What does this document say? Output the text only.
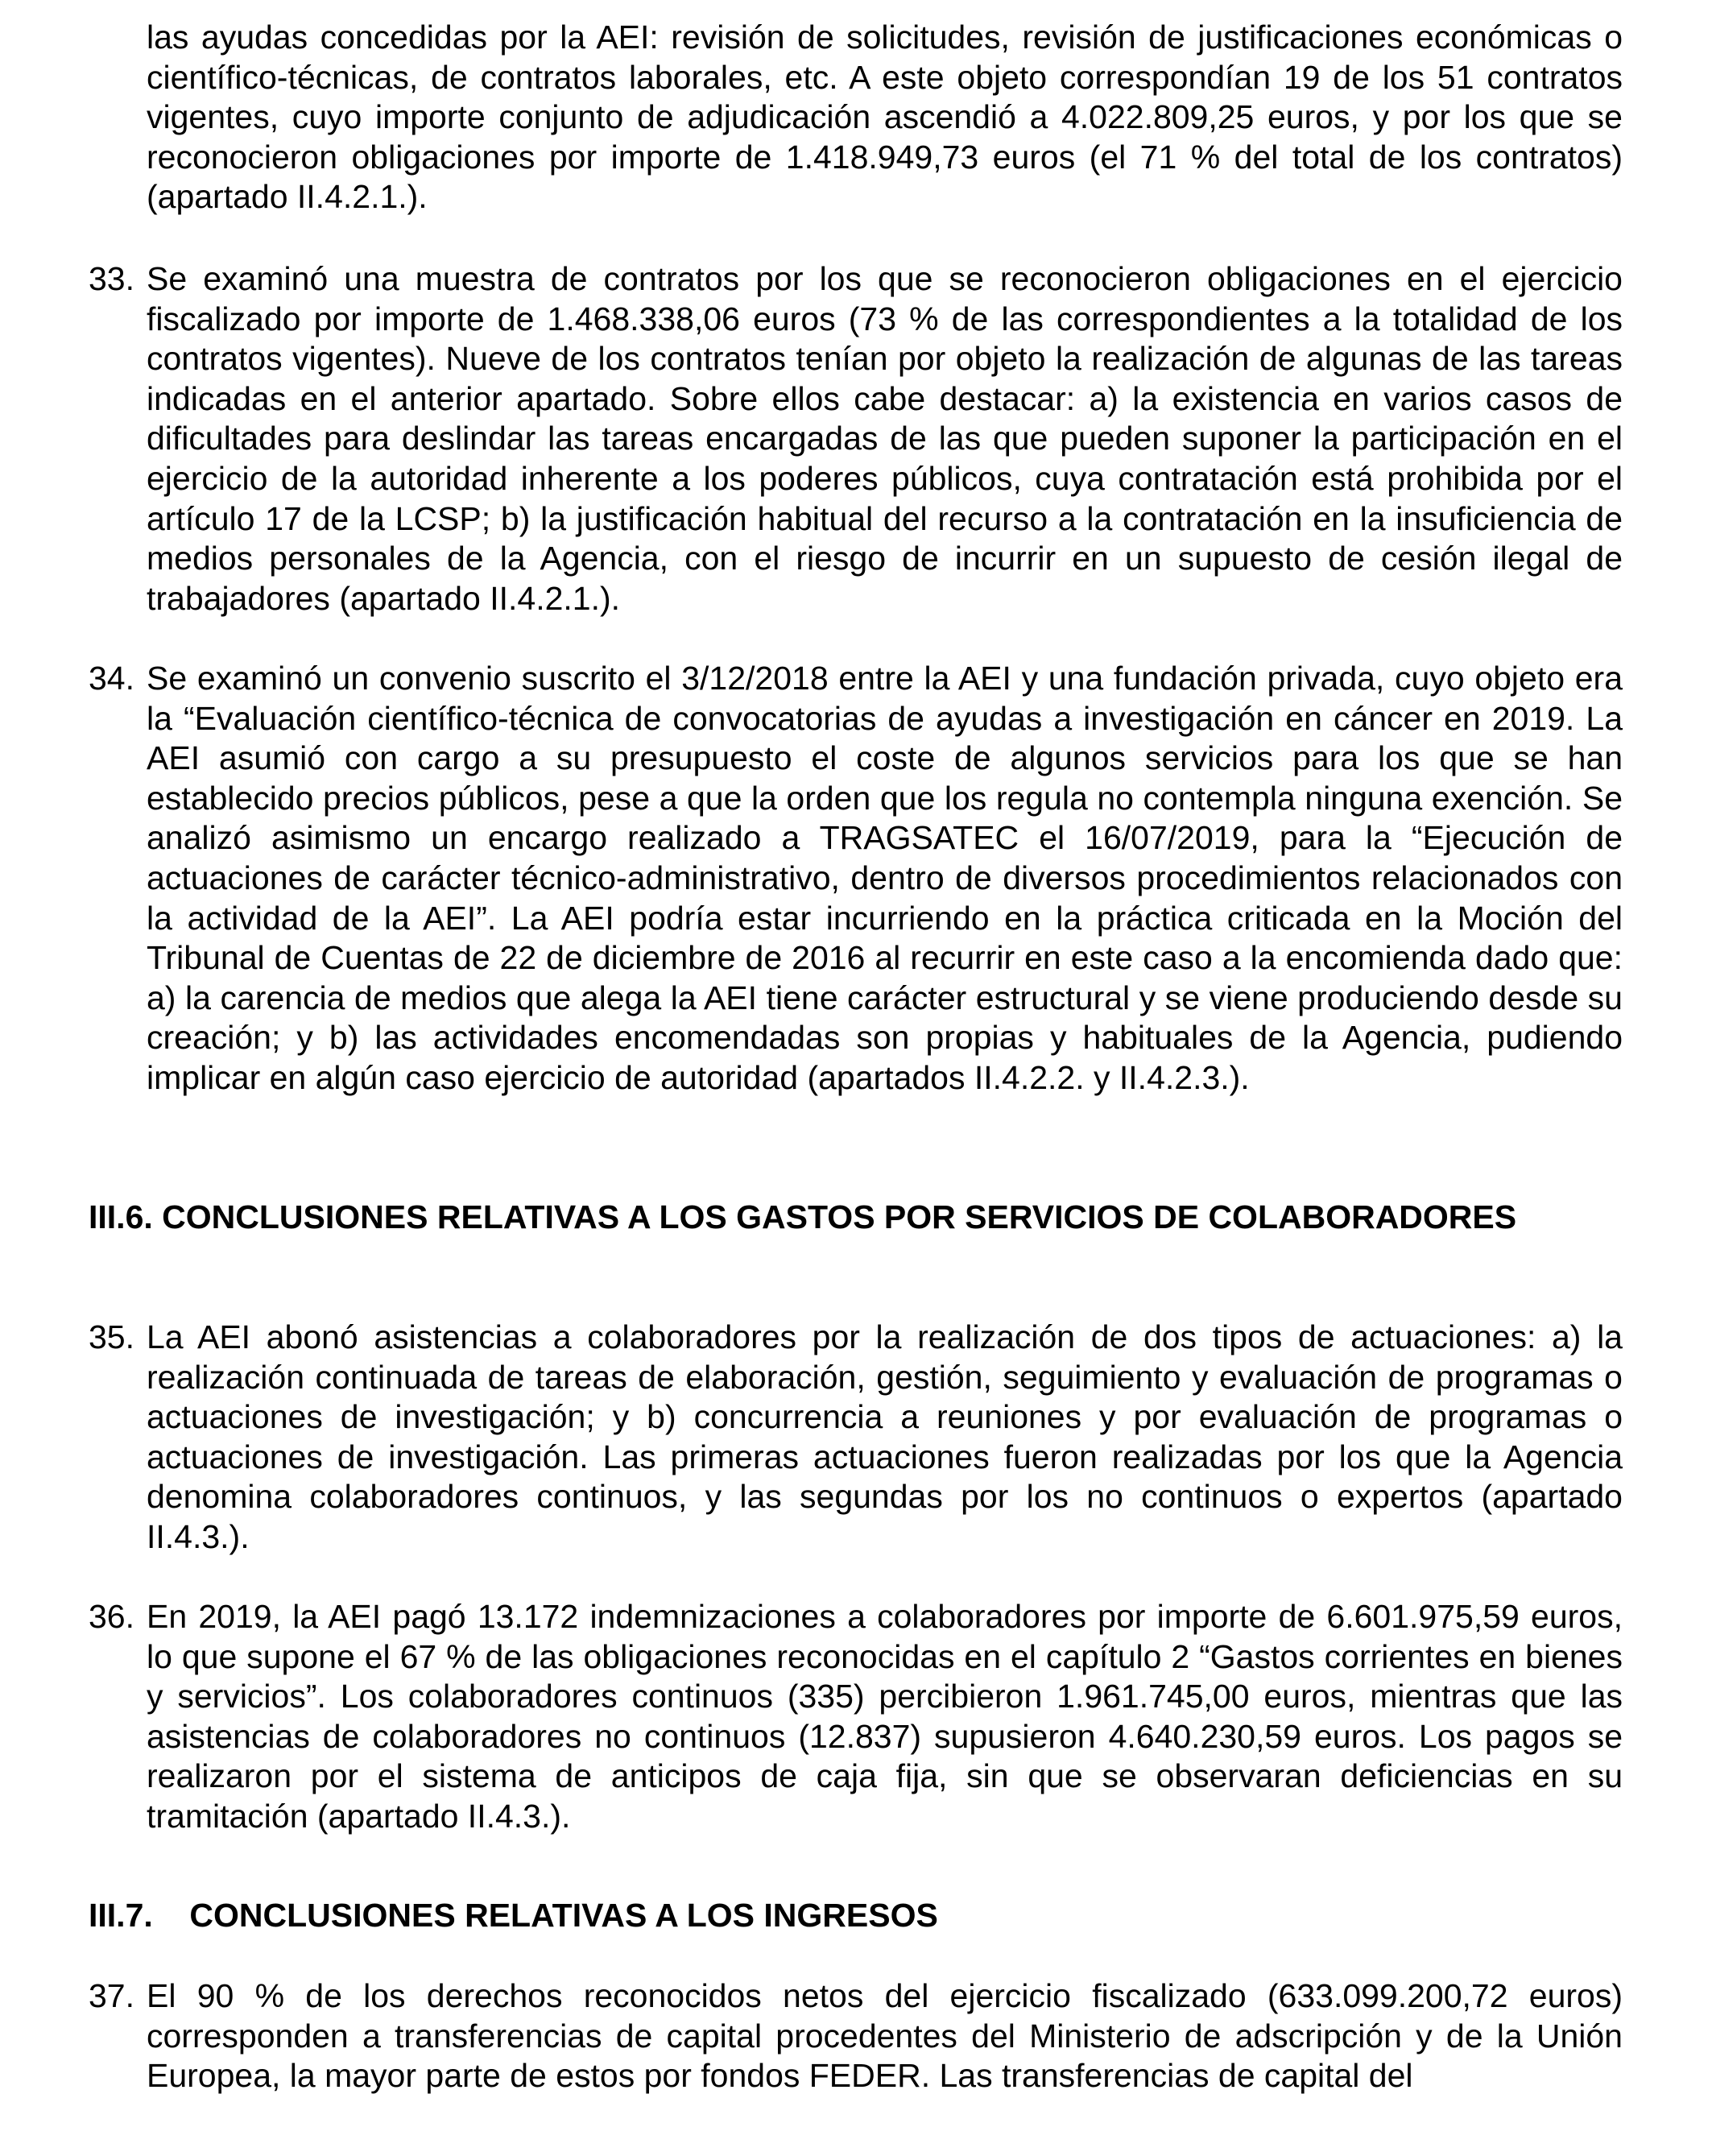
las ayudas concedidas por la AEI: revisión de solicitudes, revisión de justificaciones económicas o científico-técnicas, de contratos laborales, etc. A este objeto correspondían 19 de los 51 contratos vigentes, cuyo importe conjunto de adjudicación ascendió a 4.022.809,25 euros, y por los que se reconocieron obligaciones por importe de 1.418.949,73 euros (el 71 % del total de los contratos) (apartado II.4.2.1.).

33. Se examinó una muestra de contratos por los que se reconocieron obligaciones en el ejercicio fiscalizado por importe de 1.468.338,06 euros (73 % de las correspondientes a la totalidad de los contratos vigentes). Nueve de los contratos tenían por objeto la realización de algunas de las tareas indicadas en el anterior apartado. Sobre ellos cabe destacar: a) la existencia en varios casos de dificultades para deslindar las tareas encargadas de las que pueden suponer la participación en el ejercicio de la autoridad inherente a los poderes públicos, cuya contratación está prohibida por el artículo 17 de la LCSP; b) la justificación habitual del recurso a la contratación en la insuficiencia de medios personales de la Agencia, con el riesgo de incurrir en un supuesto de cesión ilegal de trabajadores (apartado II.4.2.1.).
34. Se examinó un convenio suscrito el 3/12/2018 entre la AEI y una fundación privada, cuyo objeto era la “Evaluación científico-técnica de convocatorias de ayudas a investigación en cáncer en 2019. La AEI asumió con cargo a su presupuesto el coste de algunos servicios para los que se han establecido precios públicos, pese a que la orden que los regula no contempla ninguna exención. Se analizó asimismo un encargo realizado a TRAGSATEC el 16/07/2019, para la “Ejecución de actuaciones de carácter técnico-administrativo, dentro de diversos procedimientos relacionados con la actividad de la AEI”. La AEI podría estar incurriendo en la práctica criticada en la Moción del Tribunal de Cuentas de 22 de diciembre de 2016 al recurrir en este caso a la encomienda dado que: a) la carencia de medios que alega la AEI tiene carácter estructural y se viene produciendo desde su creación; y b) las actividades encomendadas son propias y habituales de la Agencia, pudiendo implicar en algún caso ejercicio de autoridad (apartados II.4.2.2. y II.4.2.3.).
III.6. CONCLUSIONES RELATIVAS A LOS GASTOS POR SERVICIOS DE COLABORADORES
35. La AEI abonó asistencias a colaboradores por la realización de dos tipos de actuaciones: a) la realización continuada de tareas de elaboración, gestión, seguimiento y evaluación de programas o actuaciones de investigación; y b) concurrencia a reuniones y por evaluación de programas o actuaciones de investigación. Las primeras actuaciones fueron realizadas por los que la Agencia denomina colaboradores continuos, y las segundas por los no continuos o expertos (apartado II.4.3.).
36. En 2019, la AEI pagó 13.172 indemnizaciones a colaboradores por importe de 6.601.975,59 euros, lo que supone el 67 % de las obligaciones reconocidas en el capítulo 2 “Gastos corrientes en bienes y servicios”. Los colaboradores continuos (335) percibieron 1.961.745,00 euros, mientras que las asistencias de colaboradores no continuos (12.837) supusieron 4.640.230,59 euros. Los pagos se realizaron por el sistema de anticipos de caja fija, sin que se observaran deficiencias en su tramitación (apartado II.4.3.).
III.7. CONCLUSIONES RELATIVAS A LOS INGRESOS
37. El 90 % de los derechos reconocidos netos del ejercicio fiscalizado (633.099.200,72 euros) corresponden a transferencias de capital procedentes del Ministerio de adscripción y de la Unión Europea, la mayor parte de estos por fondos FEDER. Las transferencias de capital del
